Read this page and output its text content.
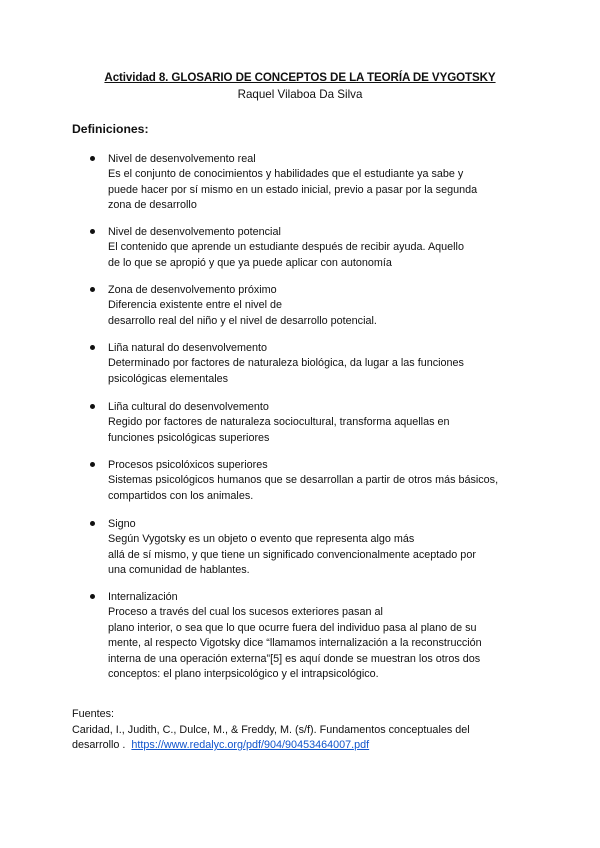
Actividad 8. GLOSARIO DE CONCEPTOS DE LA TEORÍA DE VYGOTSKY
Raquel Vilaboa Da Silva
Definiciones:
Nivel de desenvolvemento real
Es el conjunto de conocimientos y habilidades que el estudiante ya sabe y
puede hacer por sí mismo en un estado inicial, previo a pasar por la segunda
zona de desarrollo
Nivel de desenvolvemento potencial
El contenido que aprende un estudiante después de recibir ayuda. Aquello
de lo que se apropió y que ya puede aplicar con autonomía
Zona de desenvolvemento próximo
Diferencia existente entre el nivel de
desarrollo real del niño y el nivel de desarrollo potencial.
Liña natural do desenvolvemento
Determinado por factores de naturaleza biológica, da lugar a las funciones
psicológicas elementales
Liña cultural do desenvolvemento
Regido por factores de naturaleza sociocultural, transforma aquellas en
funciones psicológicas superiores
Procesos psicolóxicos superiores
Sistemas psicológicos humanos que se desarrollan a partir de otros más básicos,
compartidos con los animales.
Signo
Según Vygotsky es un objeto o evento que representa algo más
allá de sí mismo, y que tiene un significado convencionalmente aceptado por
una comunidad de hablantes.
Internalización
Proceso a través del cual los sucesos exteriores pasan al
plano interior, o sea que lo que ocurre fuera del individuo pasa al plano de su
mente, al respecto Vigotsky dice “llamamos internalización a la reconstrucción
interna de una operación externa”[5] es aquí donde se muestran los otros dos
conceptos: el plano interpsicológico y el intrapsicológico.
Fuentes:
Caridad, I., Judith, C., Dulce, M., & Freddy, M. (s/f). Fundamentos conceptuales del
desarrollo . https://www.redalyc.org/pdf/904/90453464007.pdf
